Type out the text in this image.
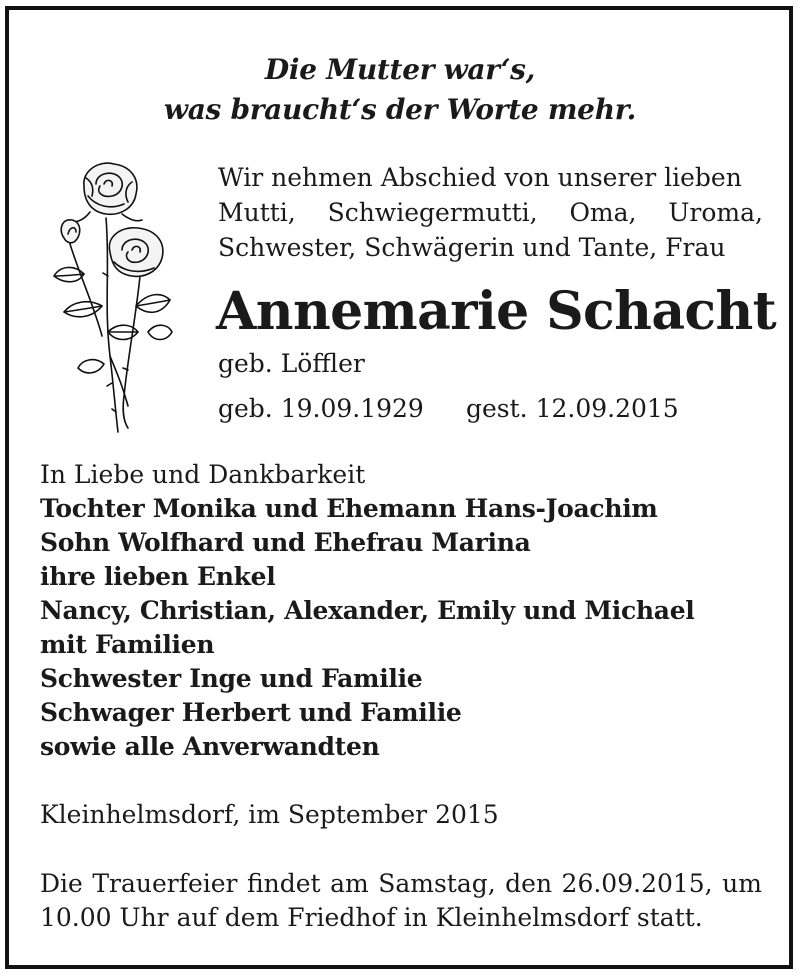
Die Mutter war‘s,
was braucht‘s der Worte mehr.
Wir nehmen Abschied von unserer lieben
Mutti, Schwiegermutti, Oma, Uroma,
Schwester, Schwägerin und Tante, Frau
Annemarie Schacht
geb. Löffler
geb. 19.09.1929 gest. 12.09.2015
In Liebe und Dankbarkeit
Tochter Monika und Ehemann Hans-Joachim
Sohn Wolfhard und Ehefrau Marina
ihre lieben Enkel
Nancy, Christian, Alexander, Emily und Michael
mit Familien
Schwester Inge und Familie
Schwager Herbert und Familie
sowie alle Anverwandten
Kleinhelmsdorf, im September 2015
Die Trauerfeier findet am Samstag, den 26.09.2015, um
10.00 Uhr auf dem Friedhof in Kleinhelmsdorf statt.
